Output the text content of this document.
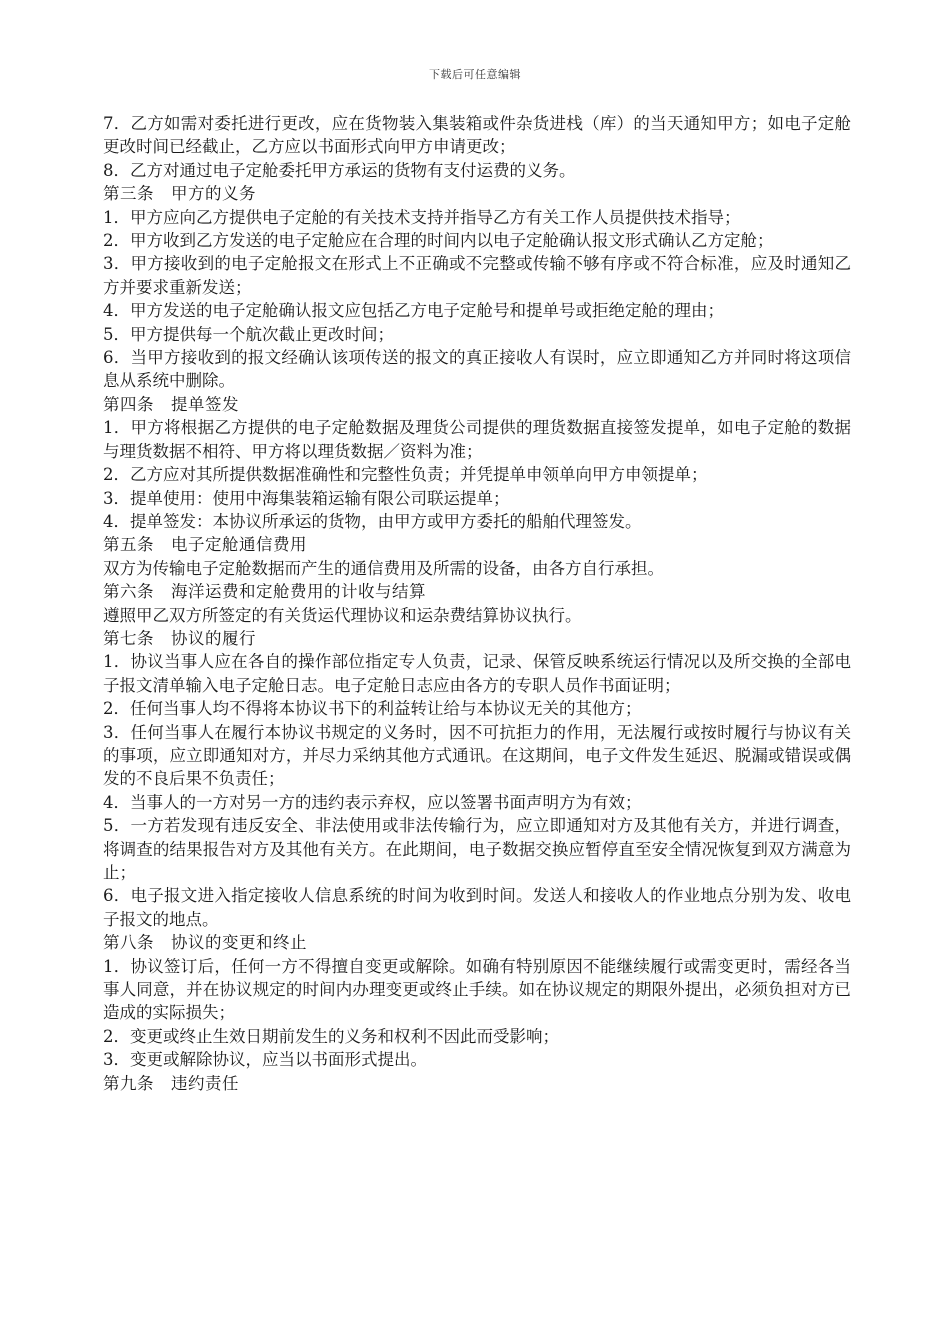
下载后可任意编辑

7．乙方如需对委托进行更改，应在货物装入集装箱或件杂货进栈（库）的当天通知甲方；如电子定舱更改时间已经截止，乙方应以书面形式向甲方申请更改；

8．乙方对通过电子定舱委托甲方承运的货物有支付运费的义务。

第三条　甲方的义务

1．甲方应向乙方提供电子定舱的有关技术支持并指导乙方有关工作人员提供技术指导；

2．甲方收到乙方发送的电子定舱应在合理的时间内以电子定舱确认报文形式确认乙方定舱；

3．甲方接收到的电子定舱报文在形式上不正确或不完整或传输不够有序或不符合标准，应及时通知乙方并要求重新发送；

4．甲方发送的电子定舱确认报文应包括乙方电子定舱号和提单号或拒绝定舱的理由；

5．甲方提供每一个航次截止更改时间；

6．当甲方接收到的报文经确认该项传送的报文的真正接收人有误时，应立即通知乙方并同时将这项信息从系统中删除。

第四条　提单签发

1．甲方将根据乙方提供的电子定舱数据及理货公司提供的理货数据直接签发提单，如电子定舱的数据与理货数据不相符、甲方将以理货数据／资料为准；

2．乙方应对其所提供数据准确性和完整性负责；并凭提单申领单向甲方申领提单；

3．提单使用：使用中海集装箱运输有限公司联运提单；

4．提单签发：本协议所承运的货物，由甲方或甲方委托的船舶代理签发。

第五条　电子定舱通信费用

双方为传输电子定舱数据而产生的通信费用及所需的设备，由各方自行承担。

第六条　海洋运费和定舱费用的计收与结算

遵照甲乙双方所签定的有关货运代理协议和运杂费结算协议执行。

第七条　协议的履行

1．协议当事人应在各自的操作部位指定专人负责，记录、保管反映系统运行情况以及所交换的全部电子报文清单输入电子定舱日志。电子定舱日志应由各方的专职人员作书面证明；

2．任何当事人均不得将本协议书下的利益转让给与本协议无关的其他方；

3．任何当事人在履行本协议书规定的义务时，因不可抗拒力的作用，无法履行或按时履行与协议有关的事项，应立即通知对方，并尽力采纳其他方式通讯。在这期间，电子文件发生延迟、脱漏或错误或偶发的不良后果不负责任；

4．当事人的一方对另一方的违约表示弃权，应以签署书面声明方为有效；

5．一方若发现有违反安全、非法使用或非法传输行为，应立即通知对方及其他有关方，并进行调查，将调查的结果报告对方及其他有关方。在此期间，电子数据交换应暂停直至安全情况恢复到双方满意为止；

6．电子报文进入指定接收人信息系统的时间为收到时间。发送人和接收人的作业地点分别为发、收电子报文的地点。

第八条　协议的变更和终止

1．协议签订后，任何一方不得擅自变更或解除。如确有特别原因不能继续履行或需变更时，需经各当事人同意，并在协议规定的时间内办理变更或终止手续。如在协议规定的期限外提出，必须负担对方已造成的实际损失；

2．变更或终止生效日期前发生的义务和权利不因此而受影响；

3．变更或解除协议，应当以书面形式提出。

第九条　违约责任
